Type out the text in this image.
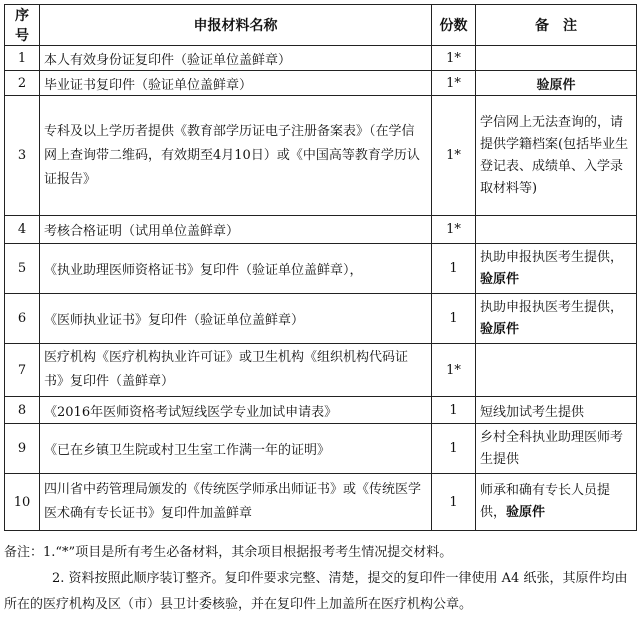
序号	申报材料名称	份数	备　注
1	本人有效身份证复印件（验证单位盖鲜章）	1*	
2	毕业证书复印件（验证单位盖鲜章）	1*	验原件
3	专科及以上学历者提供《教育部学历证电子注册备案表》（在学信网上查询带二维码，有效期至4月10日）或《中国高等教育学历认证报告》	1*	学信网上无法查询的，请提供学籍档案(包括毕业生登记表、成绩单、入学录取材料等)
4	考核合格证明（试用单位盖鲜章）	1*	
5	《执业助理医师资格证书》复印件（验证单位盖鲜章），	1	执助申报执医考生提供，验原件
6	《医师执业证书》复印件（验证单位盖鲜章）	1	执助申报执医考生提供，验原件
7	医疗机构《医疗机构执业许可证》或卫生机构《组织机构代码证书》复印件（盖鲜章）	1*	
8	《2016年医师资格考试短线医学专业加试申请表》	1	短线加试考生提供
9	《已在乡镇卫生院或村卫生室工作满一年的证明》	1	乡村全科执业助理医师考生提供
10	四川省中药管理局颁发的《传统医学师承出师证书》或《传统医学医术确有专长证书》复印件加盖鲜章	1	师承和确有专长人员提供，验原件

备注：1.“*”项目是所有考生必备材料，其余项目根据报考考生情况提交材料。

2. 资料按照此顺序装订整齐。复印件要求完整、清楚，提交的复印件一律使用 A4 纸张，其原件均由所在的医疗机构及区（市）县卫计委核验，并在复印件上加盖所在医疗机构公章。
